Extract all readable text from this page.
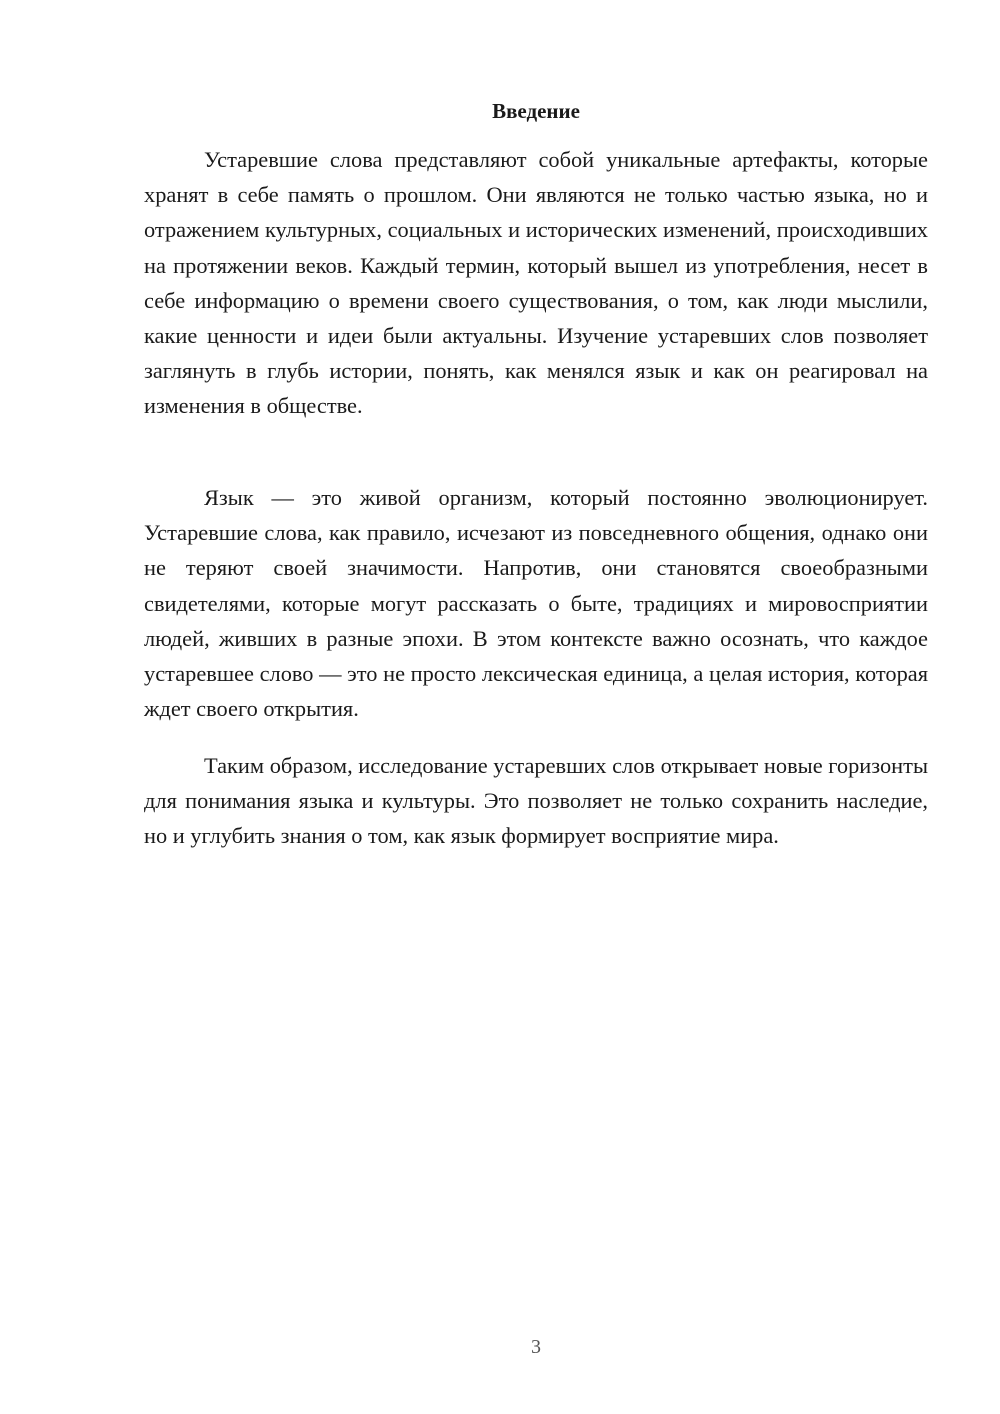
Введение

Устаревшие слова представляют собой уникальные артефакты, которые хранят в себе память о прошлом. Они являются не только частью языка, но и отражением культурных, социальных и исторических изменений, происходивших на протяжении веков. Каждый термин, который вышел из употребления, несет в себе информацию о времени своего существования, о том, как люди мыслили, какие ценности и идеи были актуальны. Изучение устаревших слов позволяет заглянуть в глубь истории, понять, как менялся язык и как он реагировал на изменения в обществе.

Язык — это живой организм, который постоянно эволюционирует. Устаревшие слова, как правило, исчезают из повседневного общения, однако они не теряют своей значимости. Напротив, они становятся своеобразными свидетелями, которые могут рассказать о быте, традициях и мировосприятии людей, живших в разные эпохи. В этом контексте важно осознать, что каждое устаревшее слово — это не просто лексическая единица, а целая история, которая ждет своего открытия.

Таким образом, исследование устаревших слов открывает новые горизонты для понимания языка и культуры. Это позволяет не только сохранить наследие, но и углубить знания о том, как язык формирует восприятие мира.

3
